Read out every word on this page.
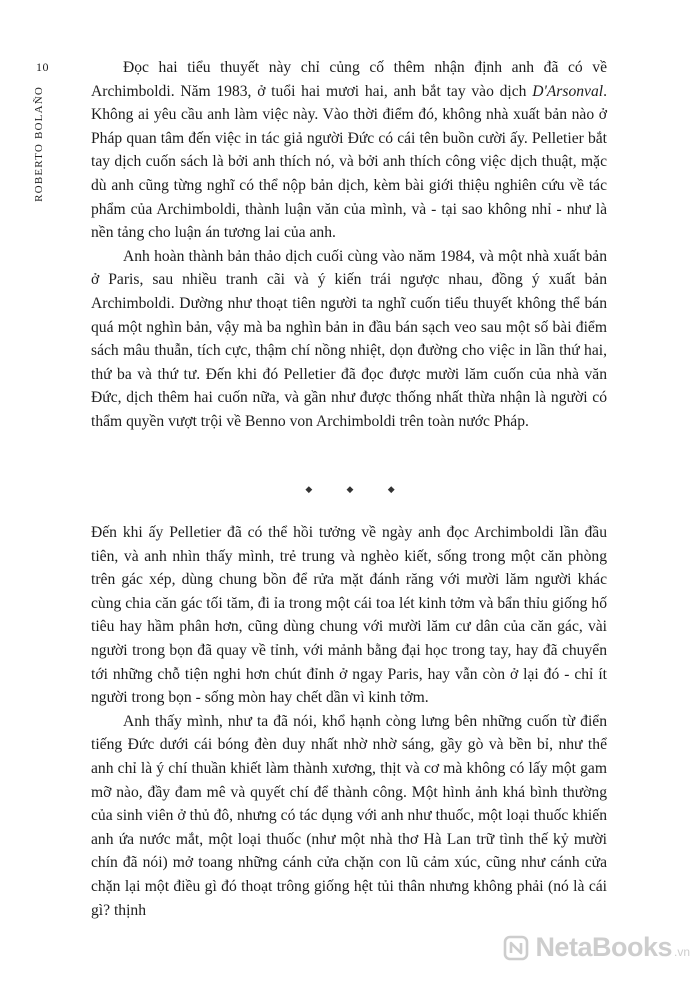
10
ROBERTO BOLAÑO

Đọc hai tiểu thuyết này chỉ củng cố thêm nhận định anh đã có về Archimboldi. Năm 1983, ở tuổi hai mươi hai, anh bắt tay vào dịch D'Arsonval. Không ai yêu cầu anh làm việc này. Vào thời điểm đó, không nhà xuất bản nào ở Pháp quan tâm đến việc in tác giả người Đức có cái tên buồn cười ấy. Pelletier bắt tay dịch cuốn sách là bởi anh thích nó, và bởi anh thích công việc dịch thuật, mặc dù anh cũng từng nghĩ có thể nộp bản dịch, kèm bài giới thiệu nghiên cứu về tác phẩm của Archimboldi, thành luận văn của mình, và - tại sao không nhỉ - như là nền tảng cho luận án tương lai của anh.

Anh hoàn thành bản thảo dịch cuối cùng vào năm 1984, và một nhà xuất bản ở Paris, sau nhiều tranh cãi và ý kiến trái ngược nhau, đồng ý xuất bản Archimboldi. Dường như thoạt tiên người ta nghĩ cuốn tiểu thuyết không thể bán quá một nghìn bản, vậy mà ba nghìn bản in đầu bán sạch veo sau một số bài điểm sách mâu thuẫn, tích cực, thậm chí nồng nhiệt, dọn đường cho việc in lần thứ hai, thứ ba và thứ tư. Đến khi đó Pelletier đã đọc được mười lăm cuốn của nhà văn Đức, dịch thêm hai cuốn nữa, và gần như được thống nhất thừa nhận là người có thẩm quyền vượt trội về Benno von Archimboldi trên toàn nước Pháp.

◆ ◆ ◆

Đến khi ấy Pelletier đã có thể hồi tưởng về ngày anh đọc Archimboldi lần đầu tiên, và anh nhìn thấy mình, trẻ trung và nghèo kiết, sống trong một căn phòng trên gác xép, dùng chung bồn để rửa mặt đánh răng với mười lăm người khác cùng chia căn gác tối tăm, đi ỉa trong một cái toa lét kinh tởm và bẩn thỉu giống hố tiêu hay hầm phân hơn, cũng dùng chung với mười lăm cư dân của căn gác, vài người trong bọn đã quay về tỉnh, với mảnh bằng đại học trong tay, hay đã chuyển tới những chỗ tiện nghi hơn chút đỉnh ở ngay Paris, hay vẫn còn ở lại đó - chỉ ít người trong bọn - sống mòn hay chết dần vì kinh tởm.

Anh thấy mình, như ta đã nói, khổ hạnh còng lưng bên những cuốn từ điển tiếng Đức dưới cái bóng đèn duy nhất nhờ nhờ sáng, gầy gò và bền bỉ, như thể anh chỉ là ý chí thuần khiết làm thành xương, thịt và cơ mà không có lấy một gam mỡ nào, đầy đam mê và quyết chí để thành công. Một hình ảnh khá bình thường của sinh viên ở thủ đô, nhưng có tác dụng với anh như thuốc, một loại thuốc khiến anh ứa nước mắt, một loại thuốc (như một nhà thơ Hà Lan trữ tình thế kỷ mười chín đã nói) mở toang những cánh cửa chặn con lũ cảm xúc, cũng như cánh cửa chặn lại một điều gì đó thoạt trông giống hệt tủi thân nhưng không phải (nó là cái gì? thịnh

NetaBooks .vn
